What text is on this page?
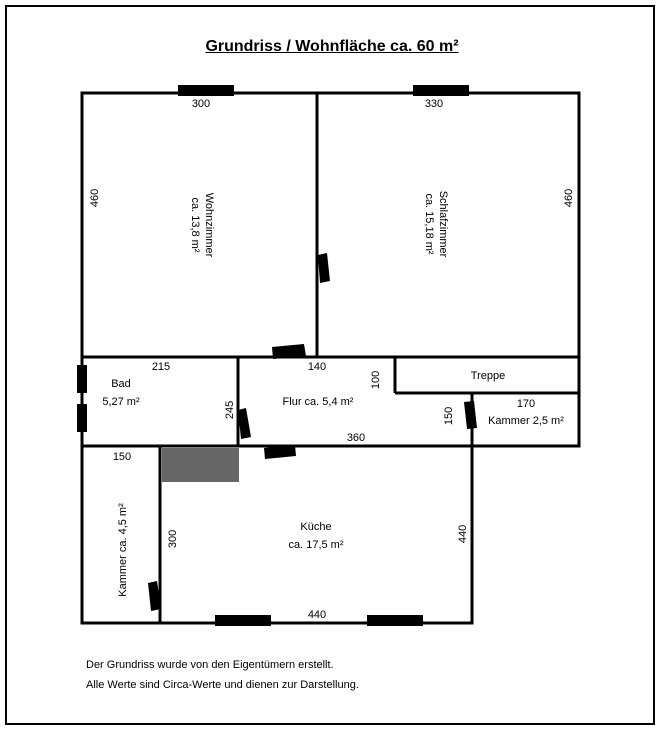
Grundriss / Wohnfläche ca. 60 m²
Wohnzimmer
ca. 13,8 m²	Schlafzimmer
ca. 15,18 m²
Bad
5,27 m²	Flur ca. 5,4 m²
Treppe
Kammer 2,5 m²
Küche
ca. 17,5 m²
Kammer ca. 4,5 m²
300	330
460	460
215	140
245
100
360
150
170
150
300	440
440
Der Grundriss wurde von den Eigentümern erstellt.
Alle Werte sind Circa-Werte und dienen zur Darstellung.
